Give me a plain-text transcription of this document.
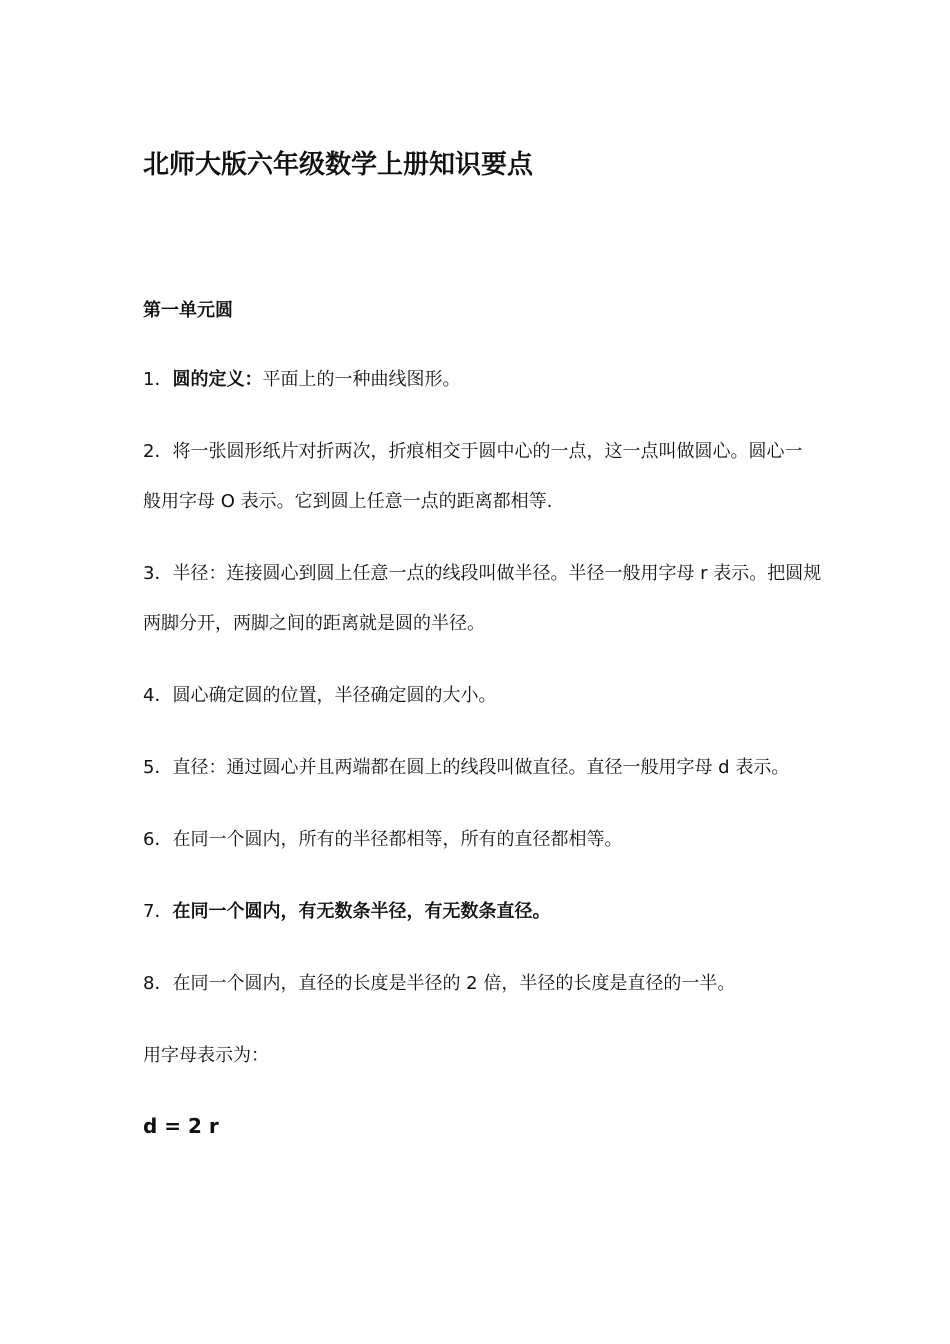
北师大版六年级数学上册知识要点
第一单元圆
1．圆的定义：平面上的一种曲线图形。
2．将一张圆形纸片对折两次，折痕相交于圆中心的一点，这一点叫做圆心。圆心一
般用字母 O 表示。它到圆上任意一点的距离都相等.
3．半径：连接圆心到圆上任意一点的线段叫做半径。半径一般用字母 r 表示。把圆规
两脚分开，两脚之间的距离就是圆的半径。
4．圆心确定圆的位置，半径确定圆的大小。
5．直径：通过圆心并且两端都在圆上的线段叫做直径。直径一般用字母 d 表示。
6．在同一个圆内，所有的半径都相等，所有的直径都相等。
7．在同一个圆内，有无数条半径，有无数条直径。
8．在同一个圆内，直径的长度是半径的 2 倍，半径的长度是直径的一半。
用字母表示为：
d = 2 r
